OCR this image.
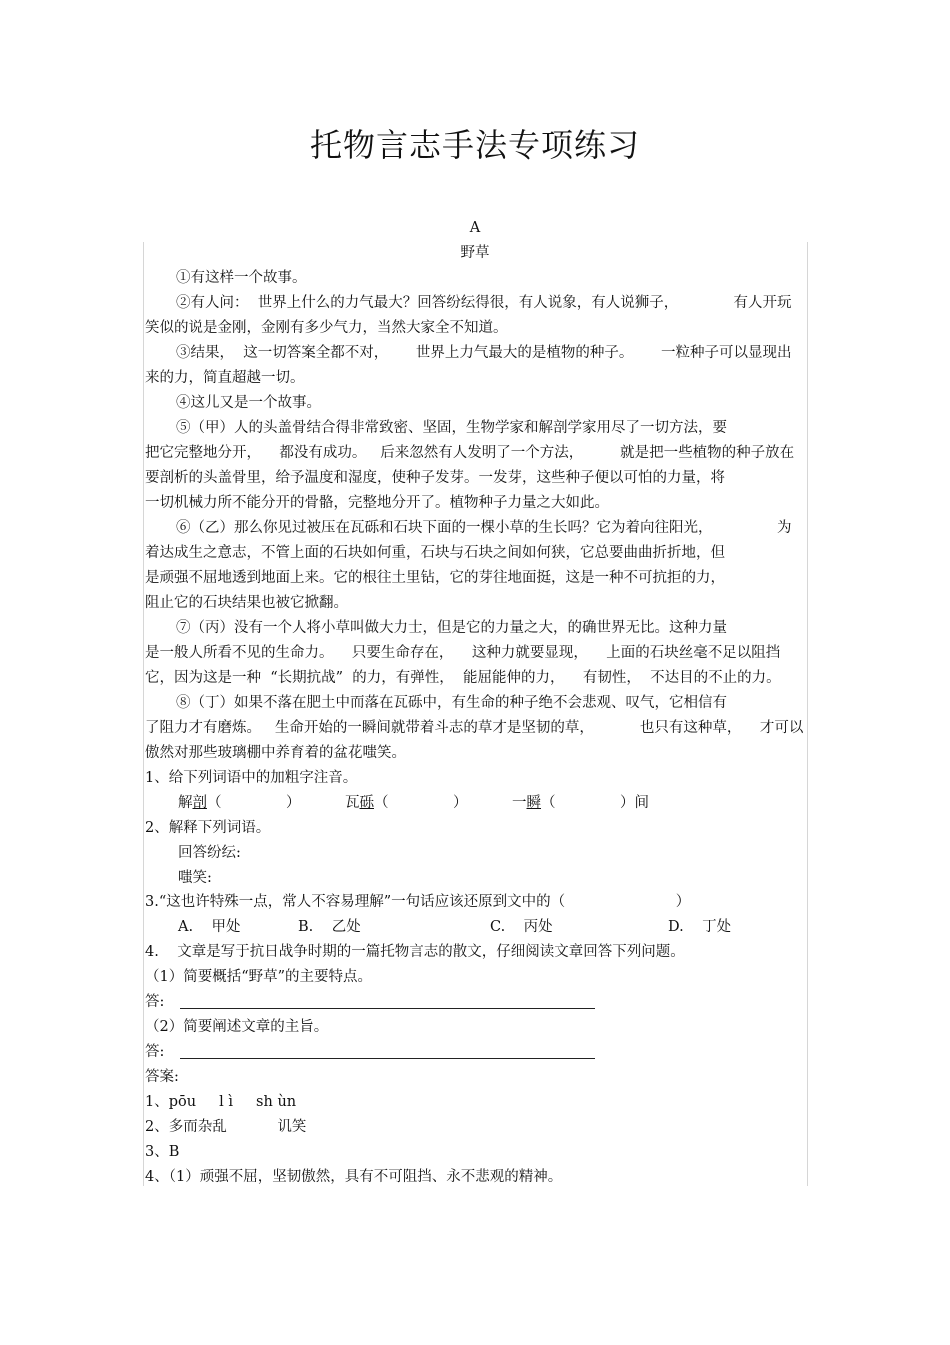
托物言志手法专项练习
A
野草
①有这样一个故事。
②有人问：  世界上什么的力气最大？回答纷纭得很，有人说象，有人说狮子，            有人开玩
笑似的说是金刚，金刚有多少气力，当然大家全不知道。
③结果，  这一切答案全都不对，      世界上力气最大的是植物的种子。      一粒种子可以显现出
来的力，简直超越一切。
④这儿又是一个故事。
⑤（甲）人的头盖骨结合得非常致密、坚固，生物学家和解剖学家用尽了一切方法，要
把它完整地分开，    都没有成功。   后来忽然有人发明了一个方法，        就是把一些植物的种子放在
要剖析的头盖骨里，给予温度和湿度，使种子发芽。一发芽，这些种子便以可怕的力量，将
一切机械力所不能分开的骨骼，完整地分开了。植物种子力量之大如此。
⑥（乙）那么你见过被压在瓦砾和石块下面的一棵小草的生长吗？它为着向往阳光，              为
着达成生之意志，不管上面的石块如何重，石块与石块之间如何狭，它总要曲曲折折地，但
是顽强不屈地透到地面上来。它的根往土里钻，它的芽往地面挺，这是一种不可抗拒的力，
阻止它的石块结果也被它掀翻。
⑦（丙）没有一个人将小草叫做大力士，但是它的力量之大，的确世界无比。这种力量
是一般人所看不见的生命力。    只要生命存在，    这种力就要显现，    上面的石块丝毫不足以阻挡
它，因为这是一种  “长期抗战”  的力，有弹性，  能屈能伸的力，    有韧性，  不达目的不止的力。
⑧（丁）如果不落在肥土中而落在瓦砾中，有生命的种子绝不会悲观、叹气，它相信有
了阻力才有磨炼。   生命开始的一瞬间就带着斗志的草才是坚韧的草，          也只有这种草，    才可以
傲然对那些玻璃棚中养育着的盆花嗤笑。
1、给下列词语中的加粗字注音。
解剖（              ）	瓦砾（              ）	一瞬（              ）间
2、解释下列词语。
回答纷纭:
嗤笑:
3.“这也许特殊一点，常人不容易理解”一句话应该还原到文中的（                        ）
A.    甲处	B.    乙处	C.    丙处	D.    丁处
4.    文章是写于抗日战争时期的一篇托物言志的散文，仔细阅读文章回答下列问题。
（1）简要概括“野草”的主要特点。
答:
（2）简要阐述文章的主旨。
答:
答案:
1、pōu     l ì     sh ùn
2、多而杂乱           讥笑
3、B
4、（1）顽强不屈，坚韧傲然，具有不可阻挡、永不悲观的精神。
